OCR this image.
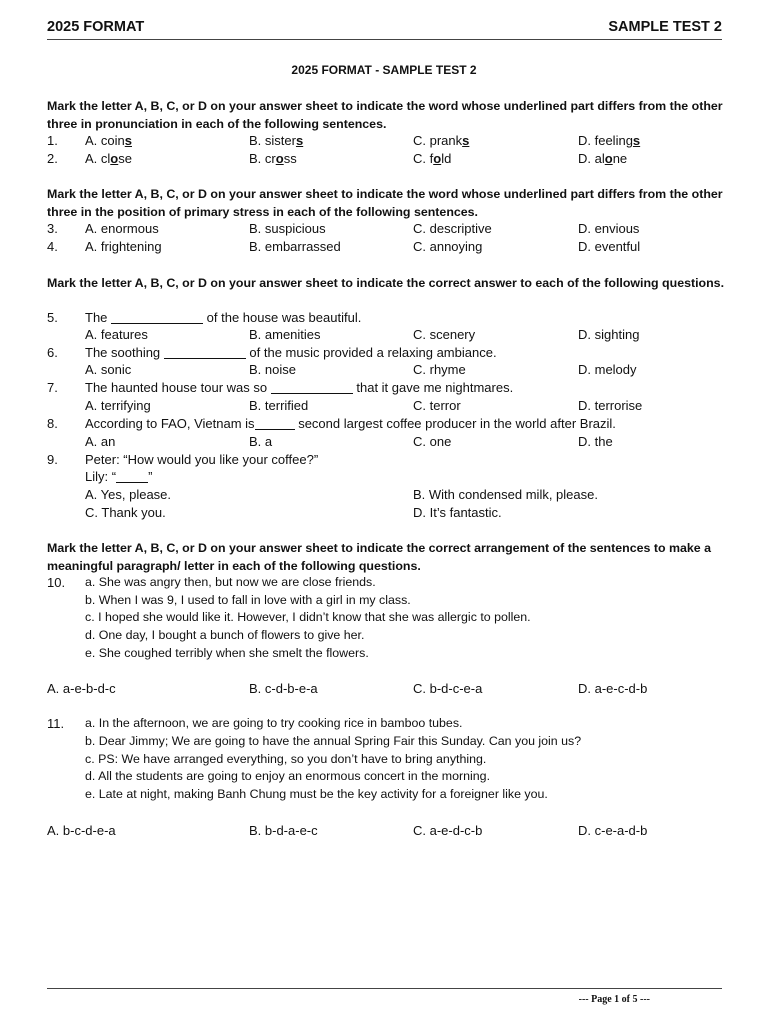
2025 FORMAT	SAMPLE TEST 2
2025 FORMAT - SAMPLE TEST 2
Mark the letter A, B, C, or D on your answer sheet to indicate the word whose underlined part differs from the other three in pronunciation in each of the following sentences.
1. A. coins	B. sisters	C. pranks	D. feelings
2. A. close	B. cross	C. fold	D. alone
Mark the letter A, B, C, or D on your answer sheet to indicate the word whose underlined part differs from the other three in the position of primary stress in each of the following sentences.
3. A. enormous	B. suspicious	C. descriptive	D. envious
4. A. frightening	B. embarrassed	C. annoying	D. eventful
Mark the letter A, B, C, or D on your answer sheet to indicate the correct answer to each of the following questions.
5. The	of the house was beautiful.
A. features	B. amenities	C. scenery	D. sighting
6. The soothing	of the music provided a relaxing ambiance.
A. sonic	B. noise	C. rhyme	D. melody
7. The haunted house tour was so	that it gave me nightmares.
A. terrifying	B. terrified	C. terror	D. terrorise
8. According to FAO, Vietnam is	second largest coffee producer in the world after Brazil.
A. an	B. a	C. one	D. the
9. Peter: “How would you like your coffee?”
Lily: “ ”
A. Yes, please.	B. With condensed milk, please.
C. Thank you.	D. It’s fantastic.
Mark the letter A, B, C, or D on your answer sheet to indicate the correct arrangement of the sentences to make a meaningful paragraph/ letter in each of the following questions.
10. a. She was angry then, but now we are close friends.
b. When I was 9, I used to fall in love with a girl in my class.
c. I hoped she would like it. However, I didn’t know that she was allergic to pollen.
d. One day, I bought a bunch of flowers to give her.
e. She coughed terribly when she smelt the flowers.
A. a-e-b-d-c	B. c-d-b-e-a	C. b-d-c-e-a	D. a-e-c-d-b
11. a. In the afternoon, we are going to try cooking rice in bamboo tubes.
b. Dear Jimmy; We are going to have the annual Spring Fair this Sunday. Can you join us?
c. PS: We have arranged everything, so you don’t have to bring anything.
d. All the students are going to enjoy an enormous concert in the morning.
e. Late at night, making Banh Chung must be the key activity for a foreigner like you.
A. b-c-d-e-a	B. b-d-a-e-c	C. a-e-d-c-b	D. c-e-a-d-b
--- Page 1 of 5 ---
